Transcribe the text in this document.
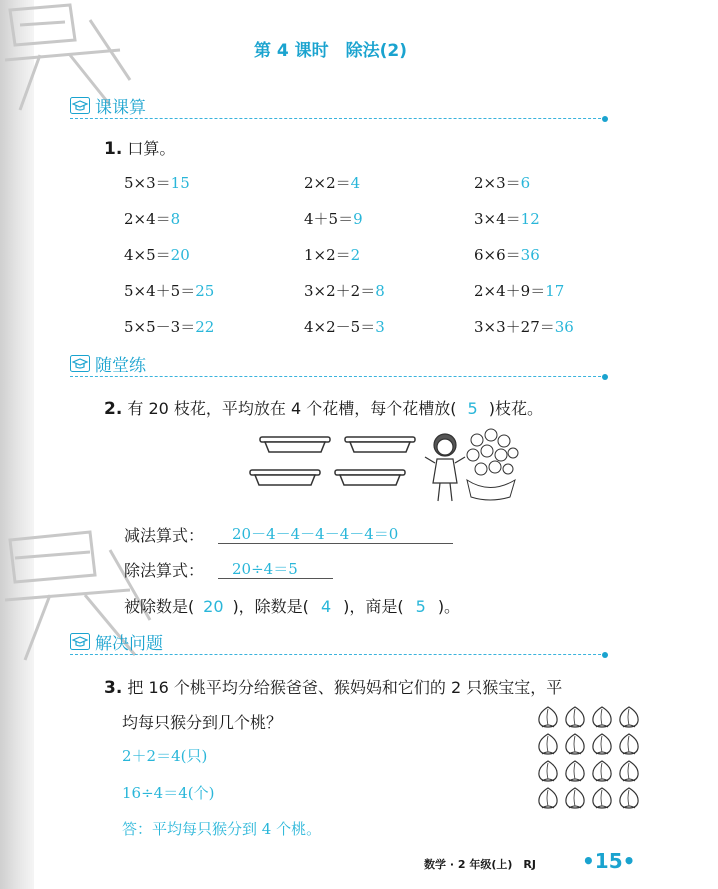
第 4 课时　除法(2)
课课算
1. 口算。
5×3＝15	2×2＝4	2×3＝6
2×4＝8	4＋5＝9	3×4＝12
4×5＝20	1×2＝2	6×6＝36
5×4＋5＝25	3×2＋2＝8	2×4＋9＝17
5×5－3＝22	4×2－5＝3	3×3＋27＝36
随堂练
2. 有 20 枝花，平均放在 4 个花槽，每个花槽放( 5 )枝花。
减法算式： 20－4－4－4－4－4＝0
除法算式： 20÷4＝5
被除数是( 20 )，除数是( 4 )，商是( 5 )。
解决问题
3. 把 16 个桃平均分给猴爸爸、猴妈妈和它们的 2 只猴宝宝，平
均每只猴分到几个桃？
2＋2＝4(只)
16÷4＝4(个)
答：平均每只猴分到 4 个桃。
数学 · 2 年级(上)　RJ •15•
